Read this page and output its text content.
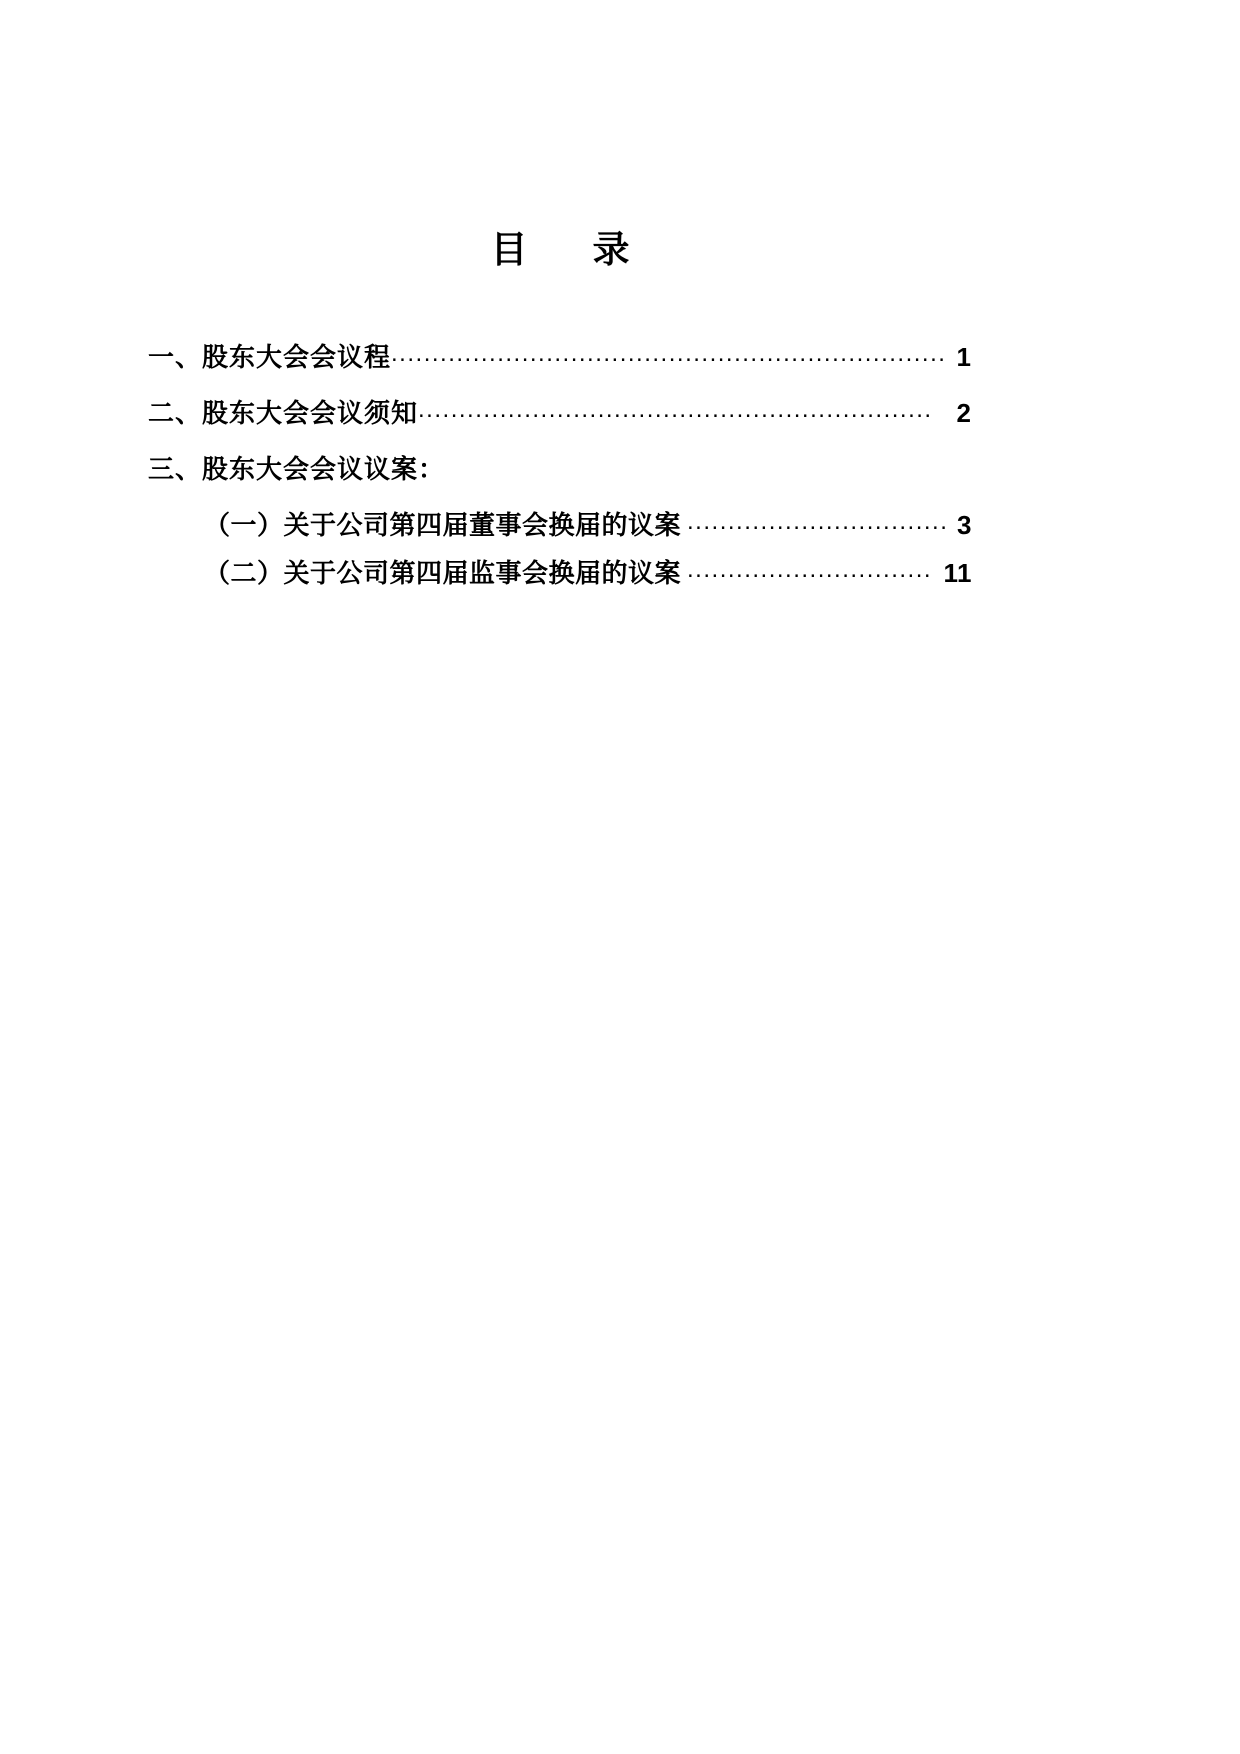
目　录
一、股东大会会议程 .................................................................... 1
二、股东大会会议须知 ............................................................... 2
三、股东大会会议议案：
（一）关于公司第四届董事会换届的议案 ................................ 3
（二）关于公司第四届监事会换届的议案 .............................. 11
